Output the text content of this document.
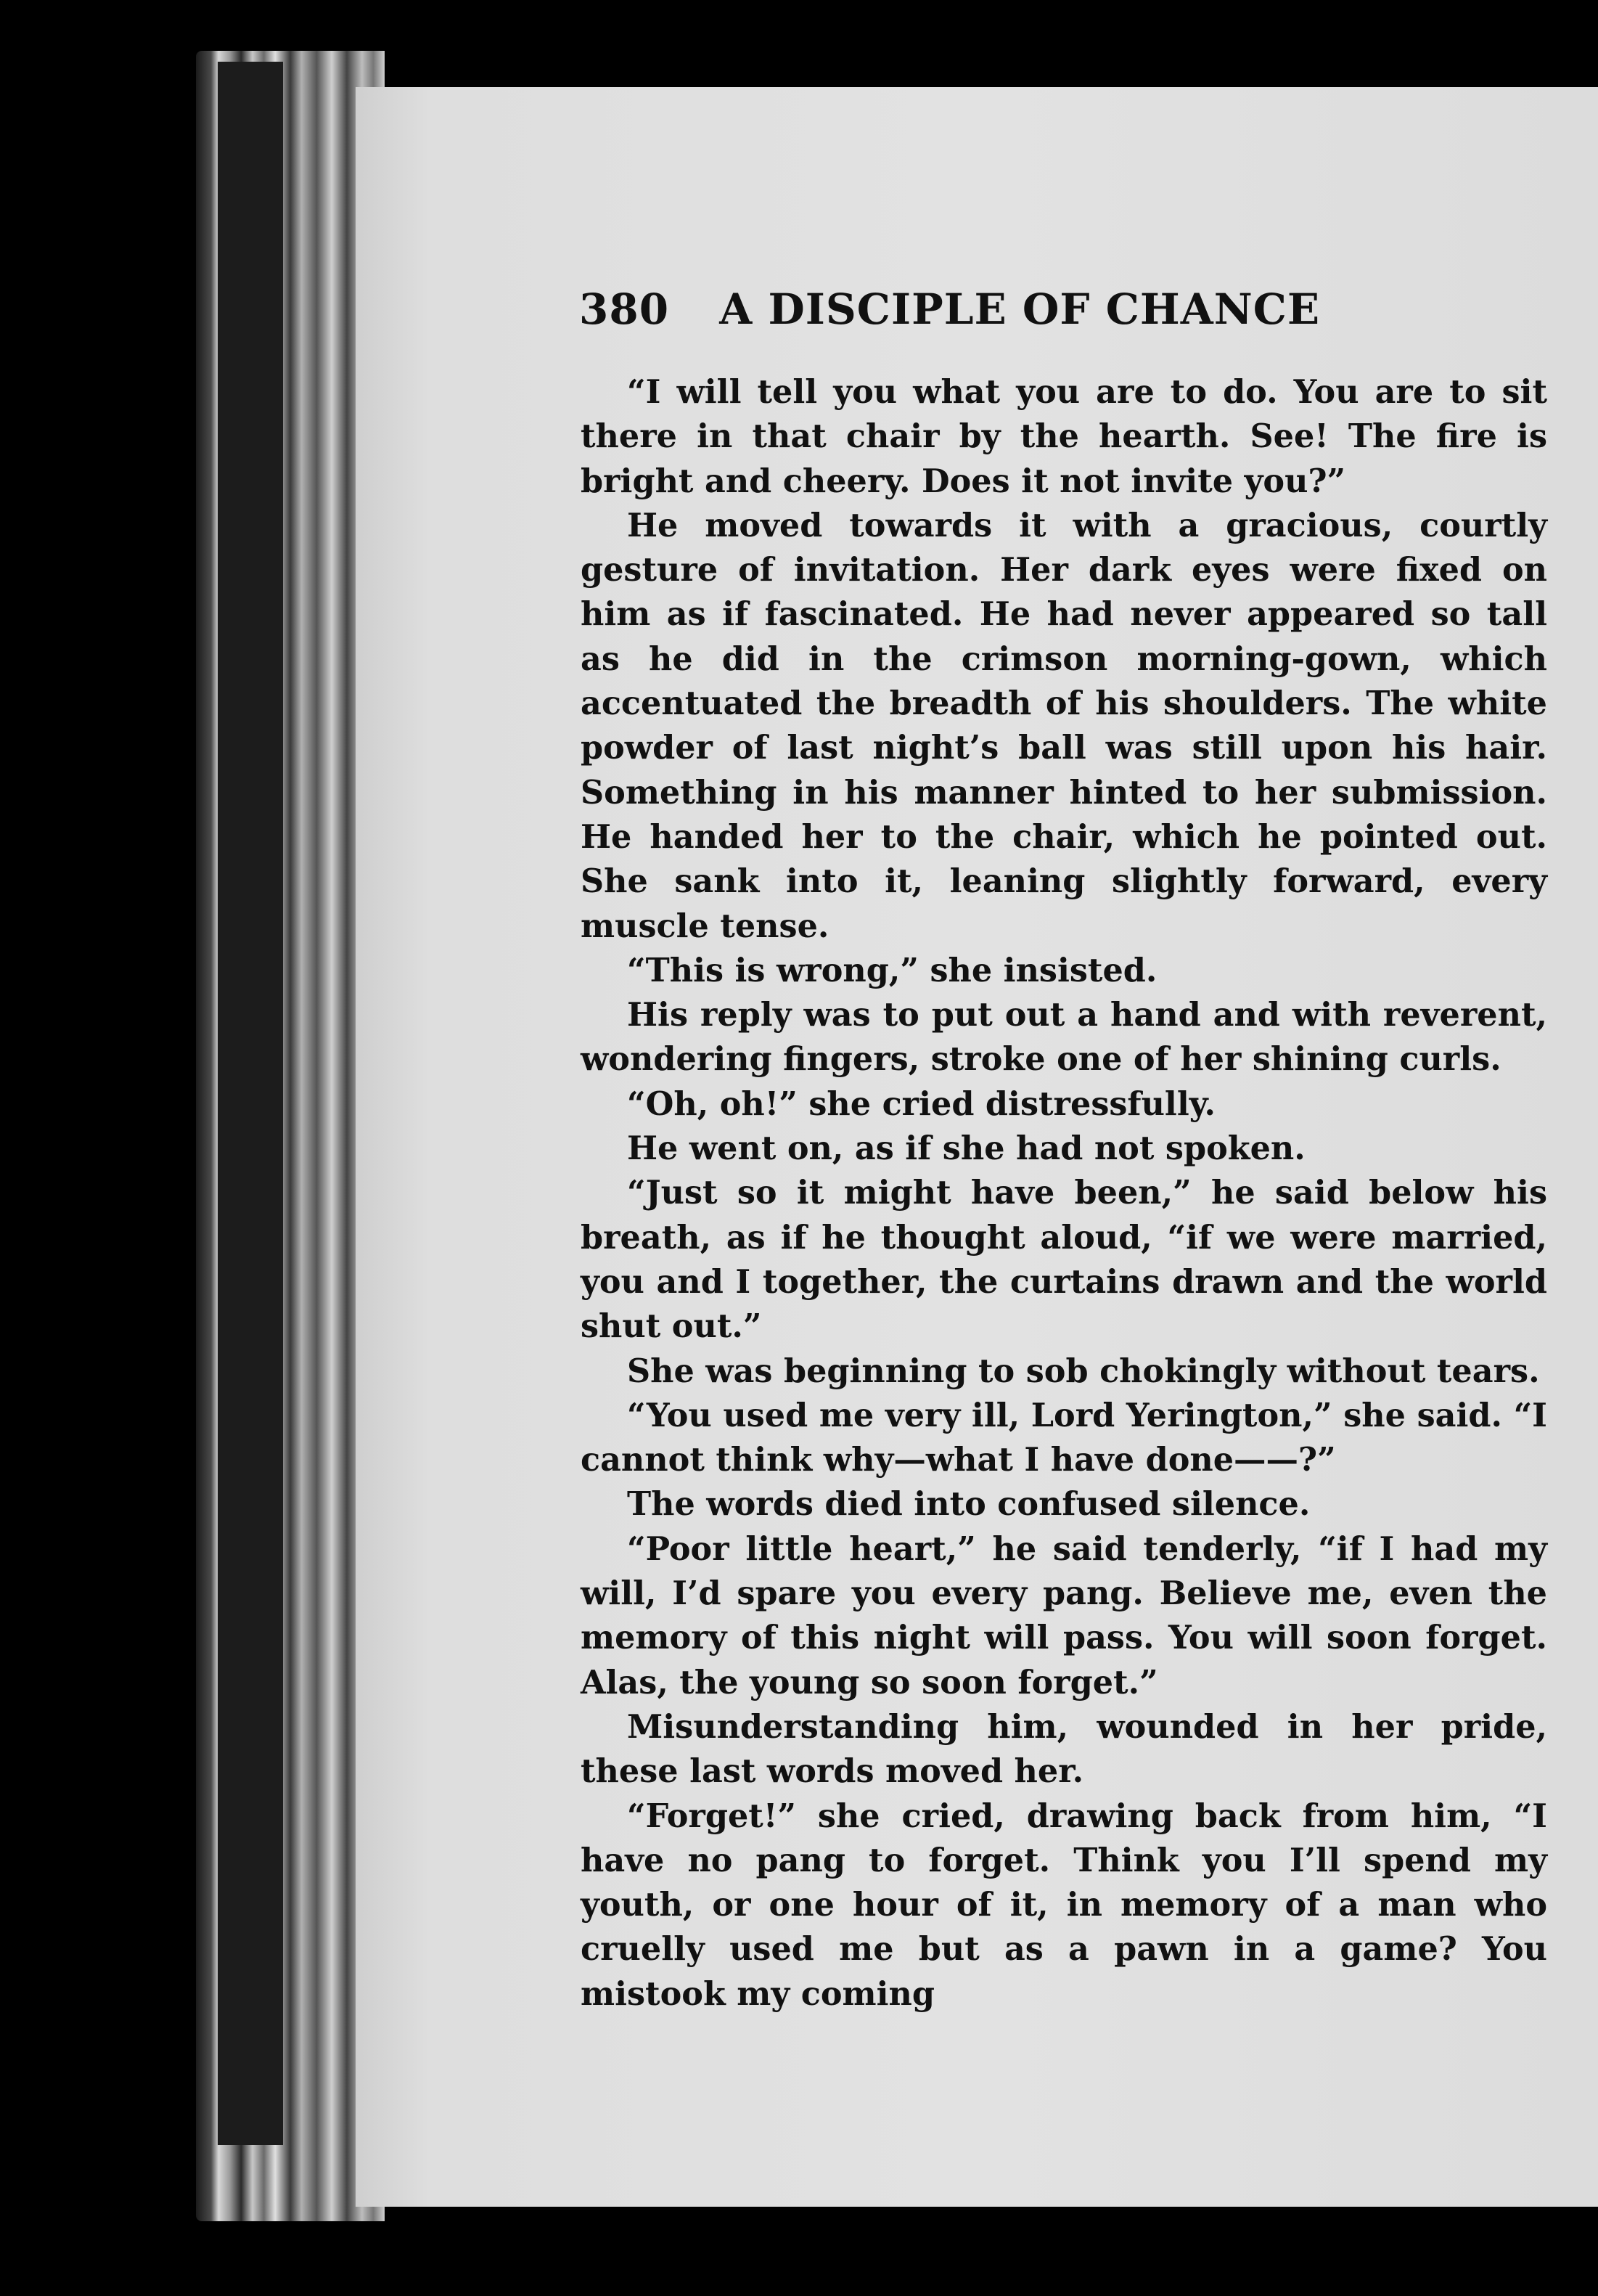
380 A DISCIPLE OF CHANCE

“I will tell you what you are to do. You are to sit there in that chair by the hearth. See! The fire is bright and cheery. Does it not invite you?”

He moved towards it with a gracious, courtly gesture of invitation. Her dark eyes were fixed on him as if fascinated. He had never appeared so tall as he did in the crimson morning-gown, which accentuated the breadth of his shoulders. The white powder of last night’s ball was still upon his hair. Something in his manner hinted to her submission. He handed her to the chair, which he pointed out. She sank into it, leaning slightly forward, every muscle tense.

“This is wrong,” she insisted.

His reply was to put out a hand and with reverent, wondering fingers, stroke one of her shining curls.

“Oh, oh!” she cried distressfully.

He went on, as if she had not spoken.

“Just so it might have been,” he said below his breath, as if he thought aloud, “if we were married, you and I together, the curtains drawn and the world shut out.”

She was beginning to sob chokingly without tears.

“You used me very ill, Lord Yerington,” she said. “I cannot think why—what I have done——?”

The words died into confused silence.

“Poor little heart,” he said tenderly, “if I had my will, I’d spare you every pang. Believe me, even the memory of this night will pass. You will soon forget. Alas, the young so soon forget.”

Misunderstanding him, wounded in her pride, these last words moved her.

“Forget!” she cried, drawing back from him, “I have no pang to forget. Think you I’ll spend my youth, or one hour of it, in memory of a man who cruelly used me but as a pawn in a game? You mistook my coming
